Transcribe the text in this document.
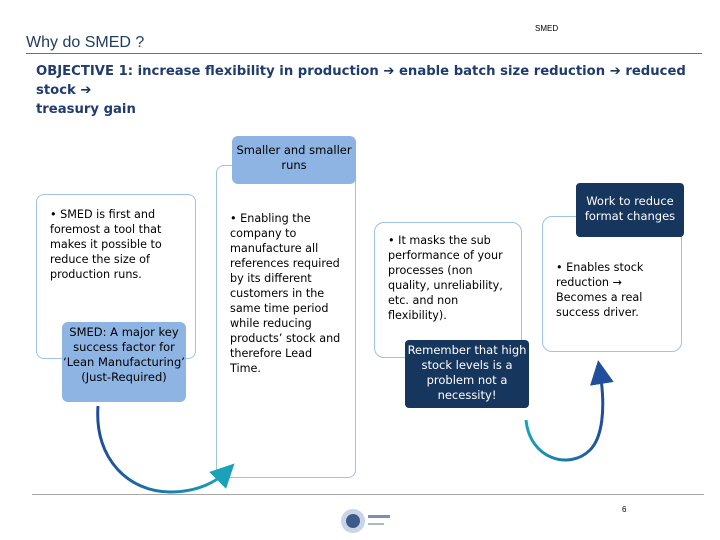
SMED
Why do SMED ?
OBJECTIVE 1: increase flexibility in production ➔ enable batch size reduction ➔ reduced stock ➔
treasury gain
• SMED is first and foremost a tool that makes it possible to reduce the size of production runs.
SMED: A major key success factor for ‘Lean Manufacturing’ (Just-Required)
Smaller and smaller runs
• Enabling the company to manufacture all references required by its different customers in the same time period while reducing products’ stock and therefore Lead Time.
• It masks the sub performance of your processes (non quality, unreliability, etc. and non flexibility).
Remember that high stock levels is a problem not a necessity!
Work to reduce format changes
• Enables stock reduction → Becomes a real success driver.
6
